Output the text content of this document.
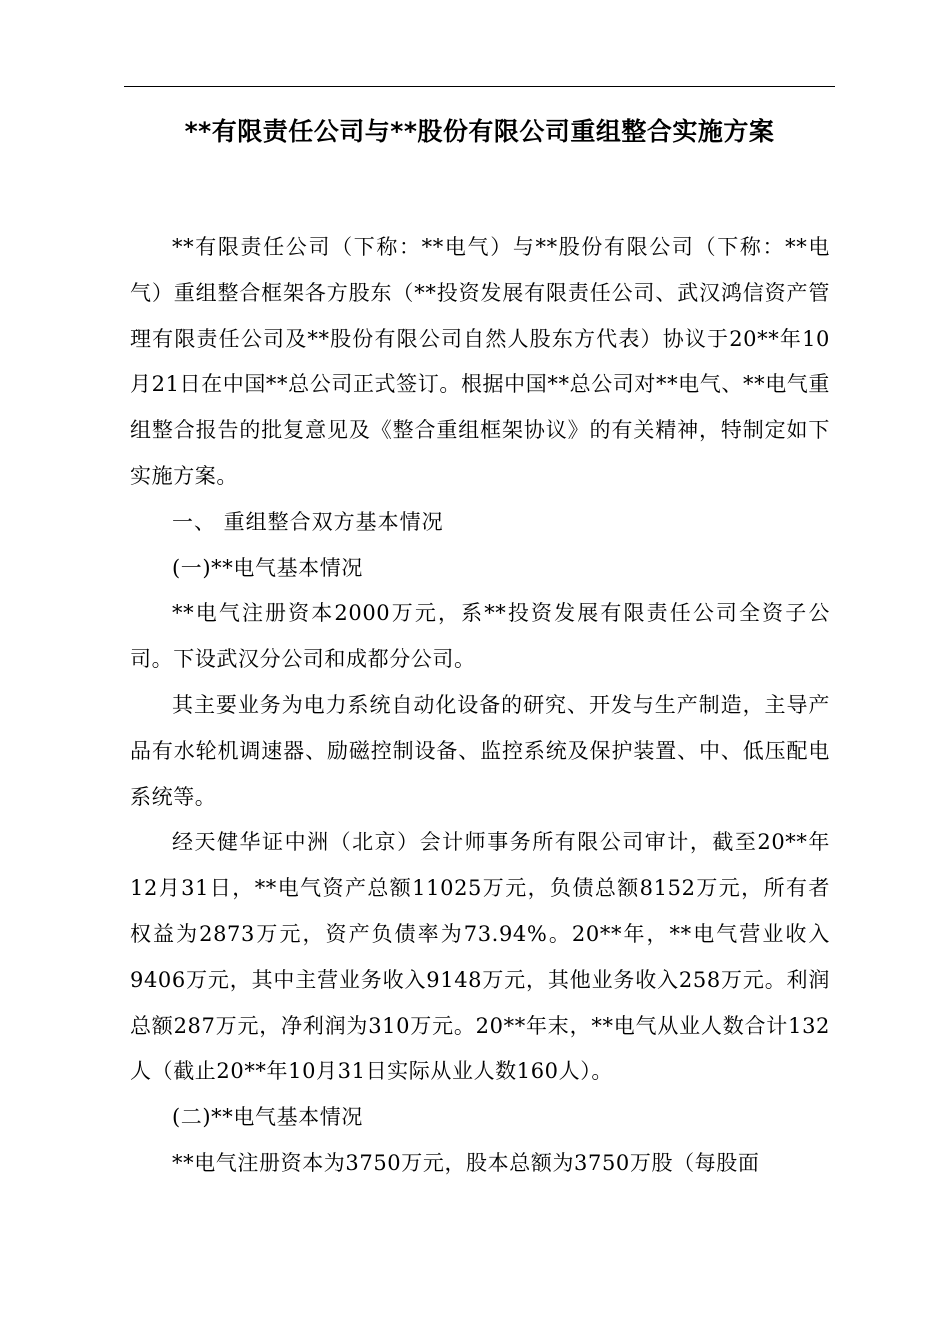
**有限责任公司与**股份有限公司重组整合实施方案

**有限责任公司（下称：**电气）与**股份有限公司（下称：**电气）重组整合框架各方股东（**投资发展有限责任公司、武汉鸿信资产管理有限责任公司及**股份有限公司自然人股东方代表）协议于20**年10月21日在中国**总公司正式签订。根据中国**总公司对**电气、**电气重组整合报告的批复意见及《整合重组框架协议》的有关精神，特制定如下实施方案。

一、 重组整合双方基本情况

(一)**电气基本情况

**电气注册资本2000万元，系**投资发展有限责任公司全资子公司。下设武汉分公司和成都分公司。

其主要业务为电力系统自动化设备的研究、开发与生产制造，主导产品有水轮机调速器、励磁控制设备、监控系统及保护装置、中、低压配电系统等。

经天健华证中洲（北京）会计师事务所有限公司审计，截至20**年12月31日，**电气资产总额11025万元，负债总额8152万元，所有者权益为2873万元，资产负债率为73.94%。20**年，**电气营业收入9406万元，其中主营业务收入9148万元，其他业务收入258万元。利润总额287万元，净利润为310万元。20**年末，**电气从业人数合计132人（截止20**年10月31日实际从业人数160人）。

(二)**电气基本情况

**电气注册资本为3750万元，股本总额为3750万股（每股面
